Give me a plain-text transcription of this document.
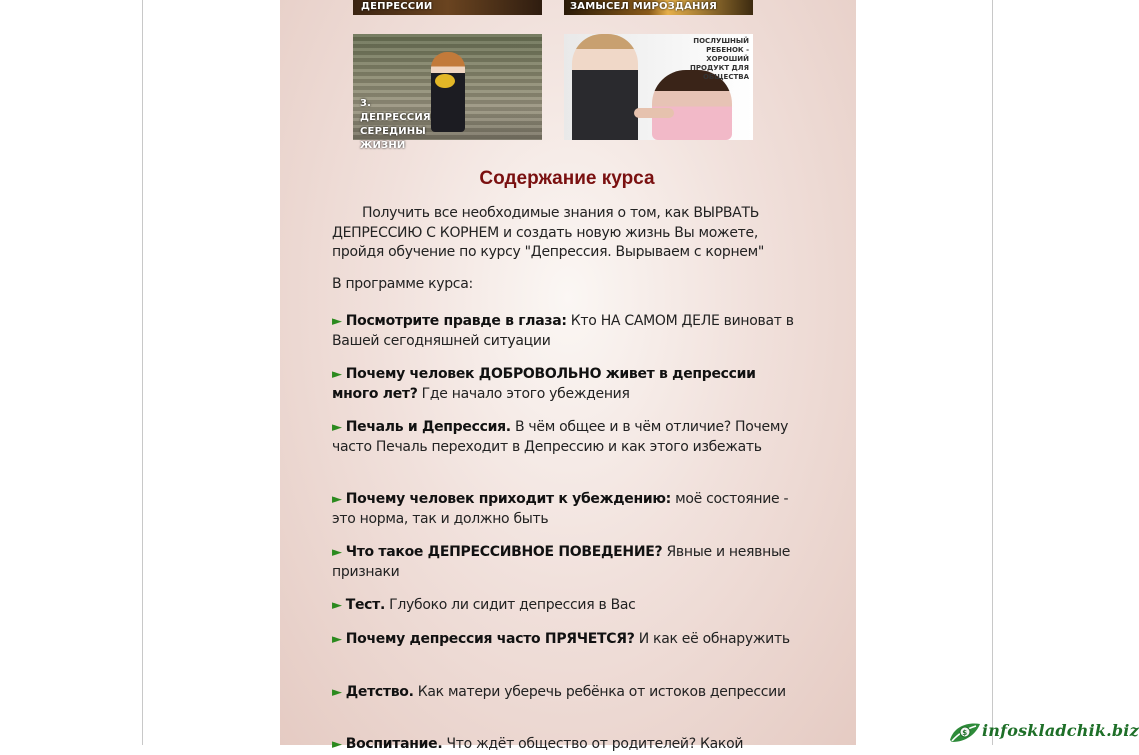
ДЕПРЕССИИ	ЗАМЫСЕЛ МИРОЗДАНИЯ
3. ДЕПРЕССИЯ СЕРЕДИНЫ ЖИЗНИ
ПОСЛУШНЫЙ РЕБЕНОК - ХОРОШИЙ ПРОДУКТ ДЛЯ ОБЩЕСТВА
Содержание курса
Получить все необходимые знания о том, как ВЫРВАТЬ ДЕПРЕССИЮ С КОРНЕМ и создать новую жизнь Вы можете, пройдя обучение по курсу "Депрессия. Вырываем с корнем"
В программе курса:
► Посмотрите правде в глаза: Кто НА САМОМ ДЕЛЕ виноват в Вашей сегодняшней ситуации
► Почему человек ДОБРОВОЛЬНО живет в депрессии много лет? Где начало этого убеждения
► Печаль и Депрессия. В чём общее и в чём отличие? Почему часто Печаль переходит в Депрессию и как этого избежать
► Почему человек приходит к убеждению: моё состояние - это норма, так и должно быть
► Что такое ДЕПРЕССИВНОЕ ПОВЕДЕНИЕ? Явные и неявные признаки
► Тест. Глубоко ли сидит депрессия в Вас
► Почему депрессия часто ПРЯЧЕТСЯ? И как её обнаружить
► Детство. Как матери уберечь ребёнка от истоков депрессии
► Воспитание. Что ждёт общество от родителей? Какой
$ infoskladchik.biz
